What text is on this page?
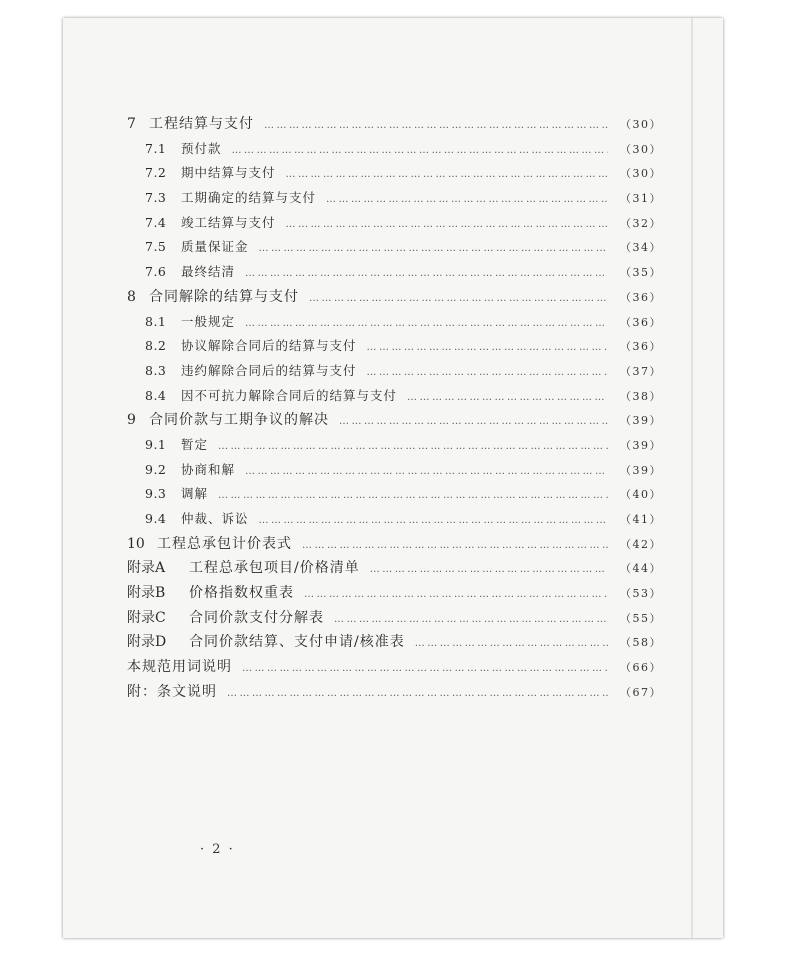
7 工程结算与支付 …………………………………………………………………………………………………………	（30）
7.1	预付款 …………………………………………………………………………………………………………	（30）
7.2	期中结算与支付 …………………………………………………………………………………………………………	（30）
7.3	工期确定的结算与支付 …………………………………………………………………………………………………………	（31）
7.4	竣工结算与支付 …………………………………………………………………………………………………………	（32）
7.5	质量保证金 …………………………………………………………………………………………………………	（34）
7.6	最终结清 …………………………………………………………………………………………………………	（35）
8 合同解除的结算与支付 …………………………………………………………………………………………………………	（36）
8.1	一般规定 …………………………………………………………………………………………………………	（36）
8.2	协议解除合同后的结算与支付 …………………………………………………………………………………………………………	（36）
8.3	违约解除合同后的结算与支付 …………………………………………………………………………………………………………	（37）
8.4	因不可抗力解除合同后的结算与支付 …………………………………………………………………………………………………………	（38）
9 合同价款与工期争议的解决 …………………………………………………………………………………………………………	（39）
9.1	暂定 …………………………………………………………………………………………………………	（39）
9.2	协商和解 …………………………………………………………………………………………………………	（39）
9.3	调解 …………………………………………………………………………………………………………	（40）
9.4	仲裁、诉讼 …………………………………………………………………………………………………………	（41）
10 工程总承包计价表式 …………………………………………………………………………………………………………	（42）
附录A	工程总承包项目/价格清单 …………………………………………………………………………………………………………	（44）
附录B	价格指数权重表 …………………………………………………………………………………………………………	（53）
附录C	合同价款支付分解表 …………………………………………………………………………………………………………	（55）
附录D	合同价款结算、支付申请/核准表 …………………………………………………………………………………………………………	（58）
本规范用词说明 …………………………………………………………………………………………………………	（66）
附：条文说明 …………………………………………………………………………………………………………	（67）
· 2 ·
